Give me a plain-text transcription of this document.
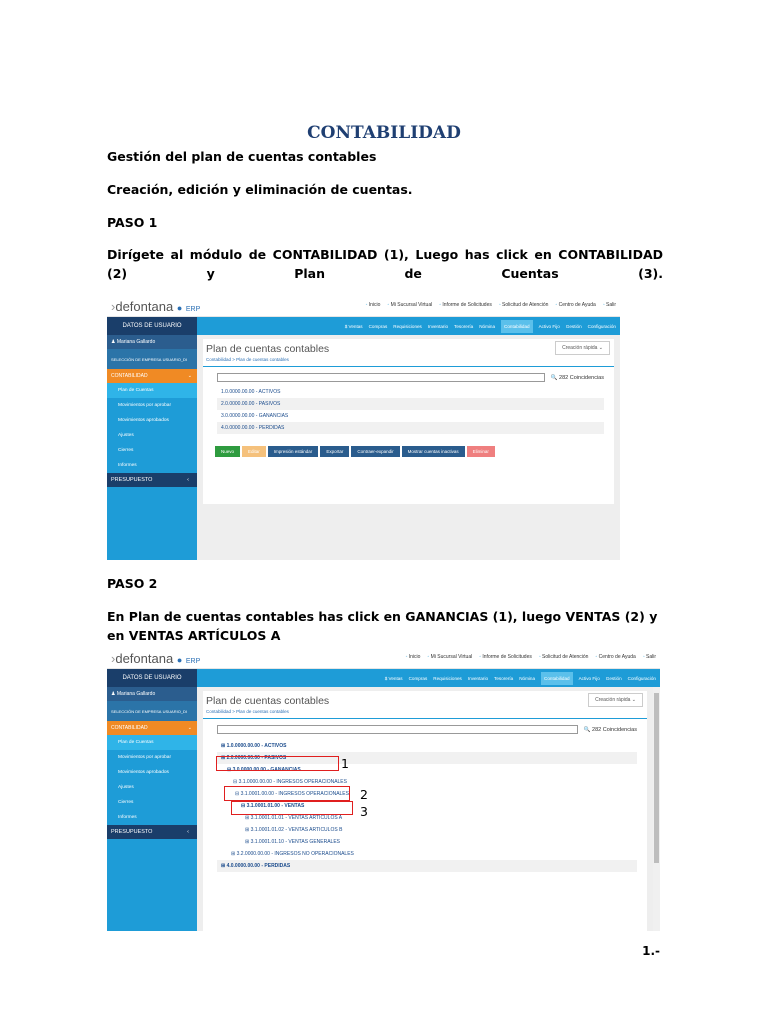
CONTABILIDAD
Gestión del plan de cuentas contables
Creación, edición y eliminación de cuentas.
PASO 1
Dirígete al módulo de CONTABILIDAD (1), Luego has click en CONTABILIDAD (2) y Plan de Cuentas (3).
›defontana ● ERP
◦ Inicio	◦ Mi Sucursal Virtual	◦ Informe de Solicitudes	◦ Solicitud de Atención	◦ Centro de Ayuda	◦ Salir
$ Ventas Compras Requisiciones Inventario Tesorería Nómina	Contabilidad	Activo Fijo Gestión Configuración
DATOS DE USUARIO
♟ Mariana Gallardo
SELECCIÓN DE EMPRESA
USUARIO_DI
CONTABILIDAD	⌄
Plan de Cuentas
Movimientos por aprobar
Movimientos aprobados
Ajustes
Cierres
Informes
PRESUPUESTO	‹
Plan de cuentas contables	Creación rápida ⌄
Contabilidad > Plan de cuentas contables
🔍 282 Coincidencias
1.0.0000.00.00 - ACTIVOS
2.0.0000.00.00 - PASIVOS
3.0.0000.00.00 - GANANCIAS
4.0.0000.00.00 - PERDIDAS
Nuevo	Editar	Impresión estándar	Exportar	Contraer-expandir	Mostrar cuentas inactivas	Eliminar
PASO 2
En Plan de cuentas contables has click en GANANCIAS (1), luego VENTAS (2) y en VENTAS ARTÍCULOS A
›defontana ● ERP
◦ Inicio	◦ Mi Sucursal Virtual	◦ Informe de Solicitudes	◦ Solicitud de Atención	◦ Centro de Ayuda	◦ Salir
$ Ventas Compras Requisiciones Inventario Tesorería Nómina	Contabilidad	Activo Fijo Gestión Configuración
DATOS DE USUARIO
♟ Mariana Gallardo
SELECCIÓN DE EMPRESA
USUARIO_DI
CONTABILIDAD	⌄
Plan de Cuentas
Movimientos por aprobar
Movimientos aprobados
Ajustes
Cierres
Informes
PRESUPUESTO	‹
Plan de cuentas contables	Creación rápida ⌄
Contabilidad > Plan de cuentas contables
🔍 282 Coincidencias
⊞ 1.0.0000.00.00 - ACTIVOS
⊞ 2.0.0000.00.00 - PASIVOS
⊟ 3.0.0000.00.00 - GANANCIAS
⊟ 3.1.0000.00.00 - INGRESOS OPERACIONALES
⊟ 3.1.0001.00.00 - INGRESOS OPERACIONALES
⊟ 3.1.0001.01.00 - VENTAS
⊞ 3.1.0001.01.01 - VENTAS ARTICULOS A
⊞ 3.1.0001.01.02 - VENTAS ARTICULOS B
⊞ 3.1.0001.01.10 - VENTAS GENERALES
⊞ 3.2.0000.00.00 - INGRESOS NO OPERACIONALES
⊞ 4.0.0000.00.00 - PERDIDAS
1
2
3
1.-
